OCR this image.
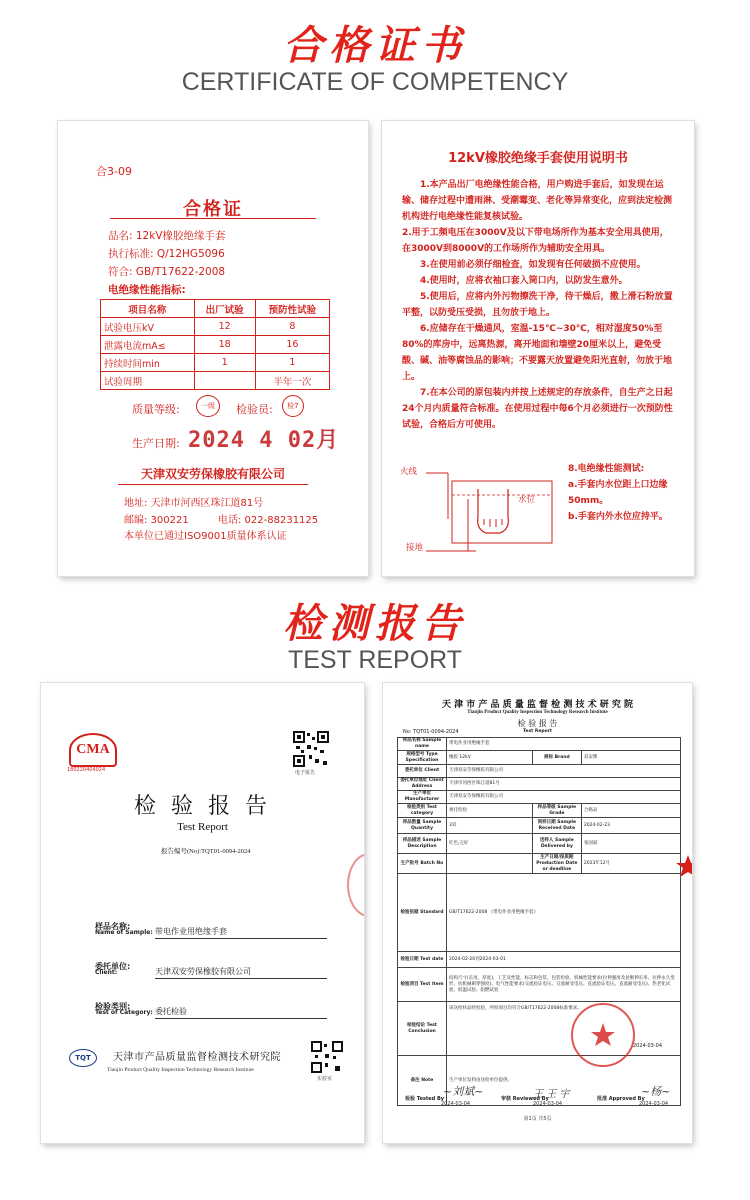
合格证书
CERTIFICATE OF COMPETENCY
合3-09
合格证
品名: 12kV橡胶绝缘手套
执行标准: Q/12HG5096
符合: GB/T17622-2008
电绝缘性能指标:
项目名称	出厂试验	预防性试验
试验电压kV	12	8
泄露电流mA≤	18	16
持续时间min	1	1
试验周期		半年一次
质量等级:	一级	检验员:	检7
生产日期: 2024 4 02月
天津双安劳保橡胶有限公司
地址: 天津市河西区珠江道81号
邮编: 300221	电话: 022-88231125
本单位已通过ISO9001质量体系认证
12kV橡胶绝缘手套使用说明书
1.本产品出厂电绝缘性能合格，用户购进手套后，如发现在运输、储存过程中遭雨淋、受潮霉变、老化等异常变化，应到法定检测机构进行电绝缘性能复核试验。
2.用于工频电压在3000V及以下带电场所作为基本安全用具使用，在3000V到8000V的工作场所作为辅助安全用具。
3.在使用前必须仔细检查，如发现有任何破损不应使用。
4.使用时，应将衣袖口套入筒口内，以防发生意外。
5.使用后，应将内外污物擦洗干净，待干燥后，撒上滑石粉放置平整，以防受压受损，且勿放于地上。
6.应储存在干燥通风，室温-15℃~30℃，相对湿度50%至80%的库房中，远离热源，离开地面和墙壁20厘米以上，避免受酸、碱、油等腐蚀品的影响；不要露天放置避免阳光直射，勿放于地上。
7.在本公司的原包装内并按上述规定的存放条件，自生产之日起24个月内质量符合标准。在使用过程中每6个月必须进行一次预防性试验，合格后方可使用。
火线
水位
接地
8.电绝缘性能测试:
a.手套内水位距上口边缘50mm。
b.手套内外水位应持平。
检测报告
TEST REPORT
CMA
180220404024	电子报告
检 验 报 告
Test Report
报告编号(No):TQT01-0094-2024
样品名称:
Name of Sample: 带电作业用绝缘手套
委托单位:
Client:	天津双安劳保橡胶有限公司
检验类别:
Test of Category: 委托检验
TQT	天津市产品质量监督检测技术研究院
Tianjin Product Quality Inspection Technology Research Institute
实验室
天 津 市 产 品 质 量 监 督 检 测 技 术 研 究 院
Tianjin Product Quality Inspection Technology Research Institute
检 验 报 告
Test Report
No: TQT01-0094-2024
样品名称 Sample name	带电作业用绝缘手套		
规格型号 Type Specification	橡胶 12kV	商标 Brand	双安牌
委托单位 Client	天津双安劳保橡胶有限公司		
委托单位地址 Client Address	天津市河西区珠江道81号		
生产单位 Manufacturer	天津双安劳保橡胶有限公司		
检验类别 Test category	委托检验	样品等级 Sample Grade	合格品
样品数量 Sample Quantity	3双	到样日期 Sample Received Date	2024-02-23
样品描述 Sample Description	红色,完好	送样人 Sample Delivered by	张国斌
生产批号 Batch No		生产日期/保质期 Production Date or deadline	2023年12月
检验依据 Standard	GB/T17622-2008 《带电作业用绝缘手套》		
检验日期 Test date	2024-02-26到2024-03-01		
检验项目 Test Item	结构尺寸(长度、厚度)、工艺及性能、标志和包装、包装检验、机械性能要求(拉伸强度及扯断伸长率、拉伸永久变形、抗机械刺穿强度)、电气性能要求(交流验证电压、交流耐受电压、直流验证电压、直流耐受电压)、热老化试验、低温试验、阻燃试验		
检验结论 Test Conclusion	该送检样品经检验，所检项目均符合GB/T17622-2008标准要求。
2024-03-04		

备注 Note	生产单位发料由送检单位提供。		
检验 Tested By
~刘斌~
2024-03-04
审核 Reviewed By
王 王 宇
2024-03-04
批准 Approved By
~杨~
2024-03-04
第1页 共5页
